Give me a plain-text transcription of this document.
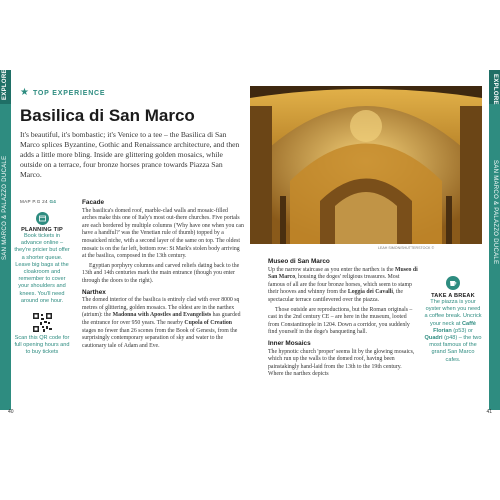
EXPLORE
SAN MARCO & PALAZZO DUCALE
EXPLORE
SAN MARCO & PALAZZO DUCALE
★ TOP EXPERIENCE
Basilica di San Marco
It's beautiful, it's bombastic; it's Venice to a tee – the Basilica di San Marco splices Byzantine, Gothic and Renaissance architecture, and then adds a little more bling. Inside are glittering golden mosaics, while outside on a terrace, four bronze horses prance towards Piazza San Marco.
LEAH SIMON/SHUTTERSTOCK ©
MAP P.G 24 G4
PLANNING TIP
Book tickets in advance online – they're pricier but offer a shorter queue. Leave big bags at the cloakroom and remember to cover your shoulders and knees. You'll need around one hour.
Scan this QR code for full opening hours and to buy tickets
Facade

The basilica's domed roof, marble-clad walls and mosaic-filled arches make this one of Italy's most out-there churches. Five portals are each bordered by multiple columns ('Why have one when you can have a handful?' was the Venetian rule of thumb) topped by a mosaicked niche, with a second layer of the same on top. The oldest mosaic is on the far left, bottom row: St Mark's stolen body arriving at the basilica, composed in the 13th century.

Egyptian porphyry columns and carved reliefs dating back to the 13th and 14th centuries mark the main entrance (though you enter through the doors to the right).

Narthex

The domed interior of the basilica is entirely clad with over 8000 sq metres of glittering, golden mosaics. The oldest are in the narthex (atrium): the Madonna with Apostles and Evangelists has guarded the entrance for over 950 years. The nearby Cupola of Creation stages no fewer than 26 scenes from the Book of Genesis, from the surprisingly contemporary separation of sky and water to the cautionary tale of Adam and Eve.

Museo di San Marco

Up the narrow staircase as you enter the narthex is the Museo di San Marco, housing the doges' religious treasures. Most famous of all are the four bronze horses, which seem to stamp their hooves and whinny from the Loggia dei Cavalli, the spectacular terrace cantilevered over the piazza.

Those outside are reproductions, but the Roman originals – cast in the 2nd century CE – are here in the museum, looted from Constantinople in 1204. Down a corridor, you suddenly find yourself in the doge's banqueting hall.

Inner Mosaics

The hypnotic church 'proper' seems lit by the glowing mosaics, which run up the walls to the domed roof, having been painstakingly hand-laid from the 13th to the 19th century. Where the narthex depicts

TAKE A BREAK
The piazza is your oyster when you need a coffee break. Uncrick your neck at Caffè Florian (p53) or Quadri (p48) – the two most famous of the grand San Marco cafes.
40	41
